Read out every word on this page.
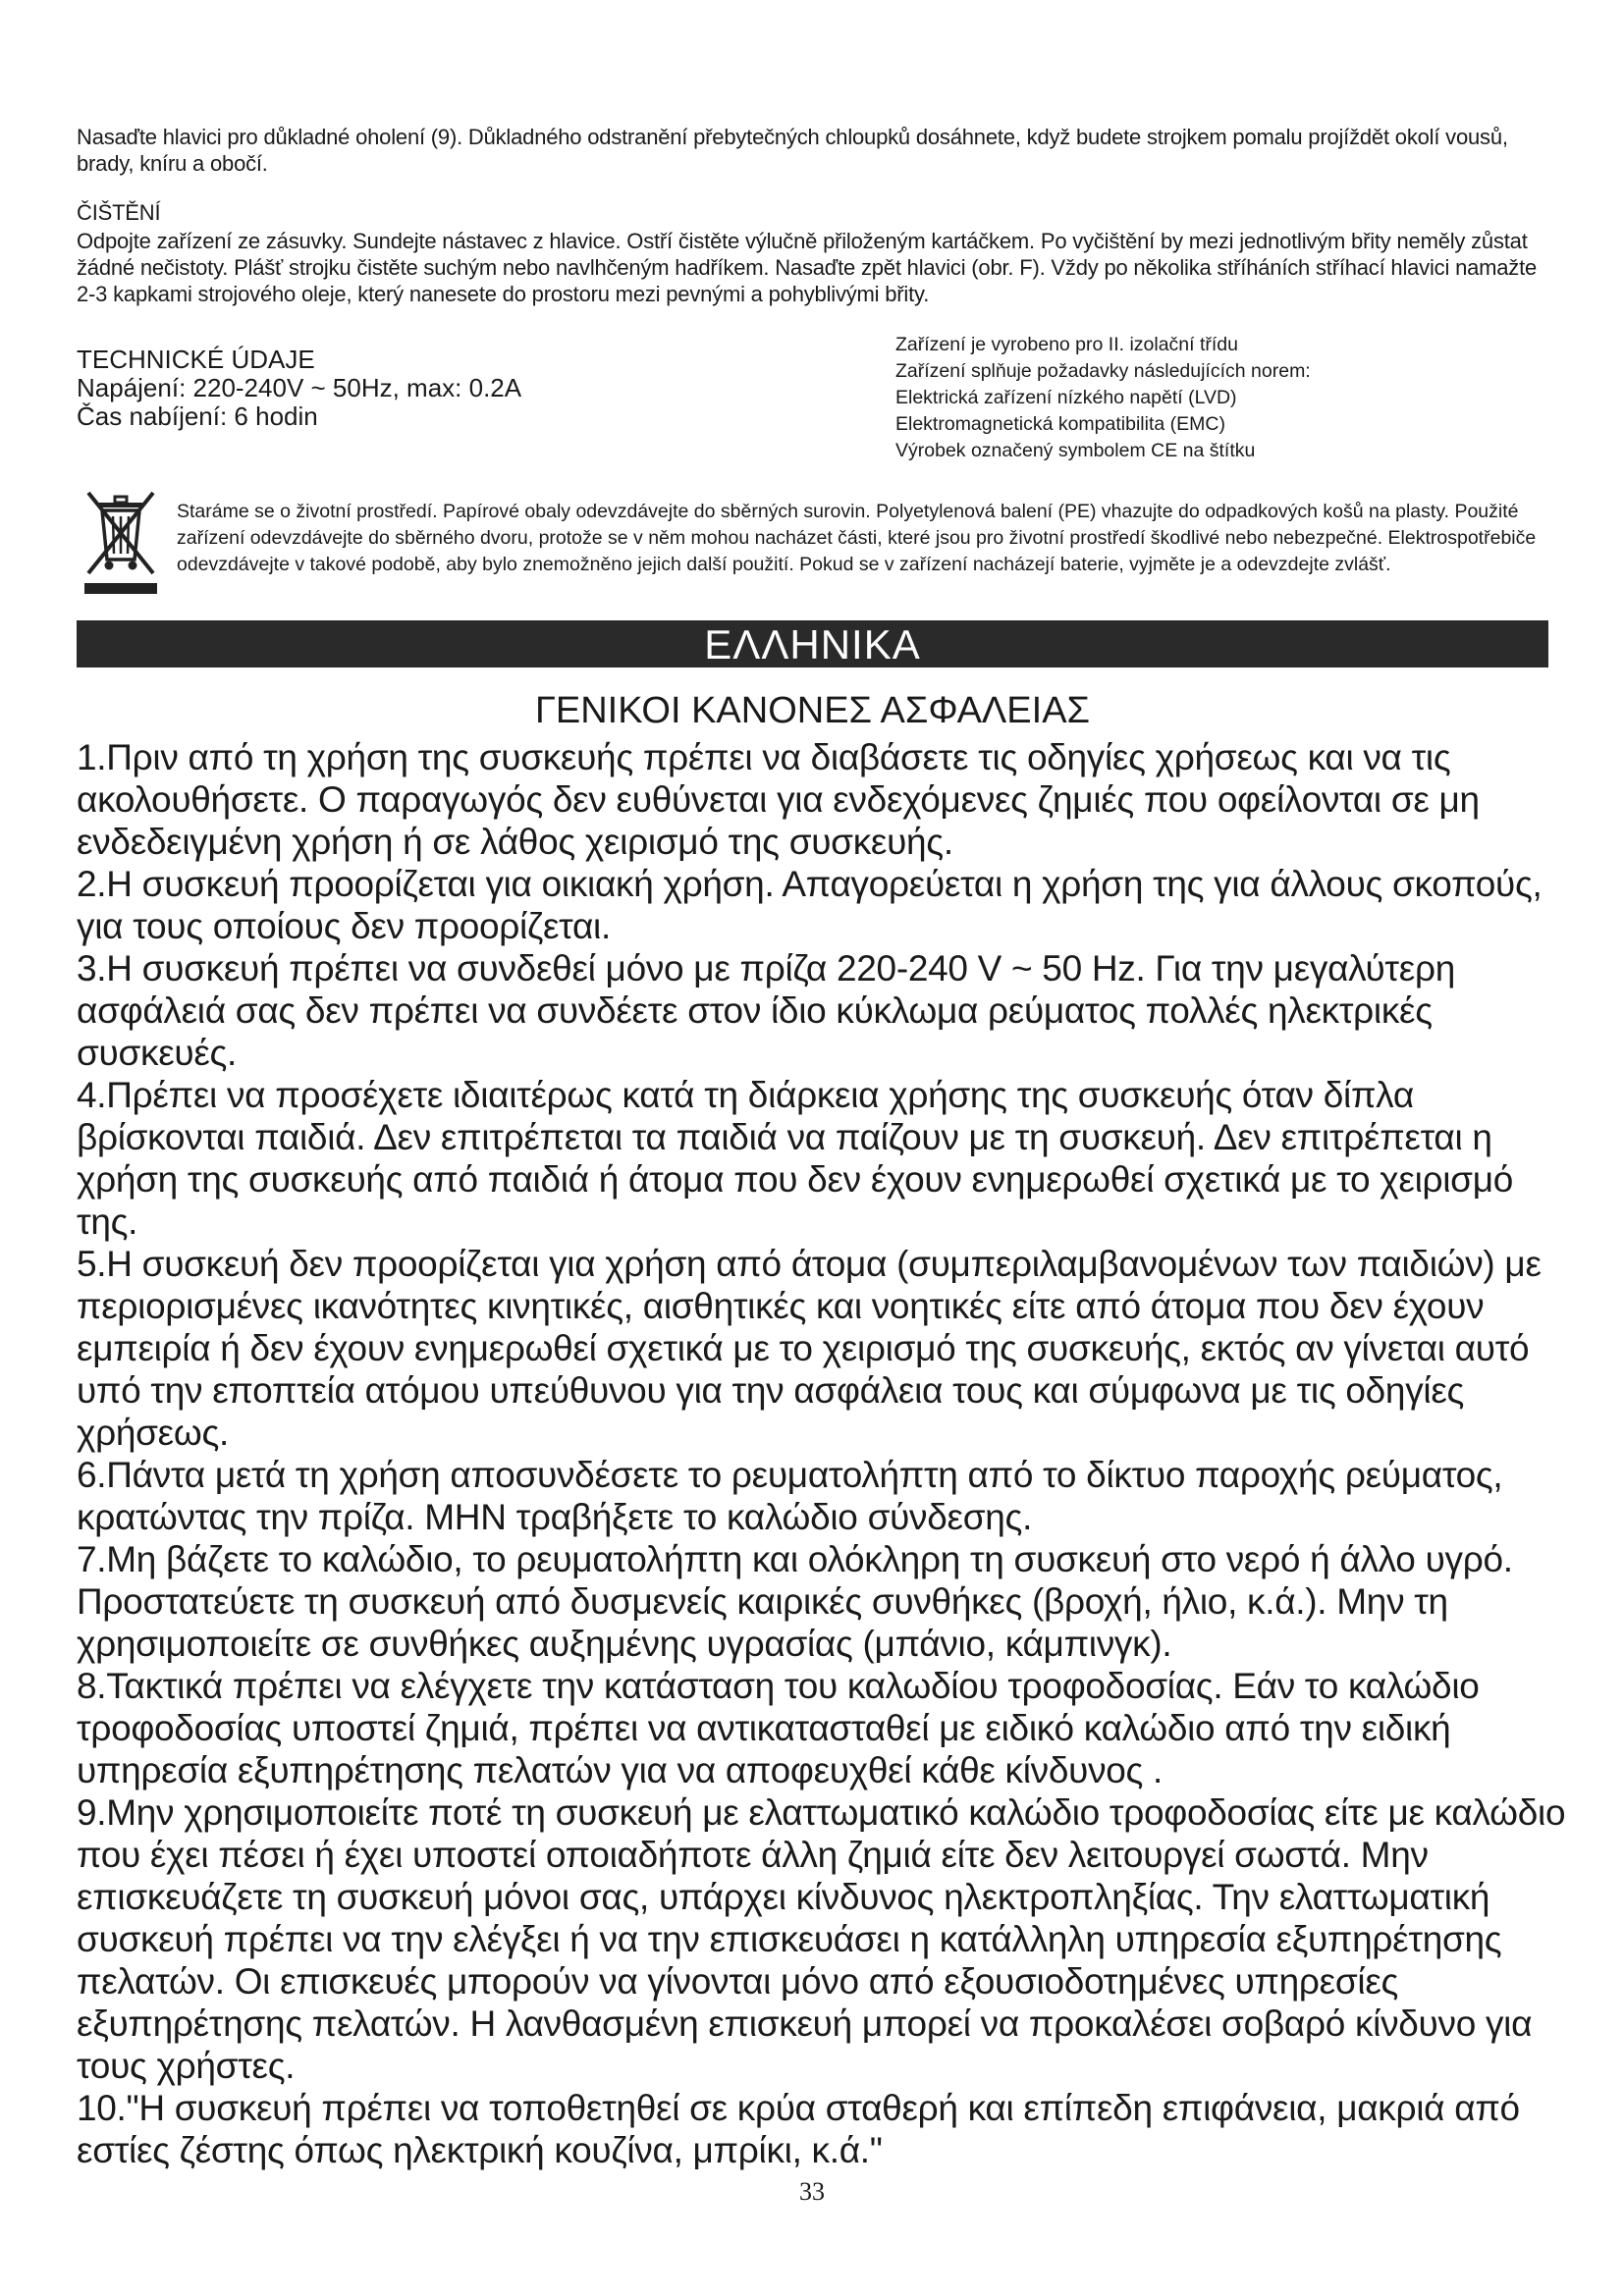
Nasaďte hlavici pro důkladné oholení (9). Důkladného odstranění přebytečných chloupků dosáhnete, když budete strojkem pomalu projíždět okolí vousů, brady, kníru a obočí.
ČIŠTĚNÍ
Odpojte zařízení ze zásuvky. Sundejte nástavec z hlavice. Ostří čistěte výlučně přiloženým kartáčkem. Po vyčištění by mezi jednotlivým břity neměly zůstat žádné nečistoty. Plášť strojku čistěte suchým nebo navlhčeným hadříkem. Nasaďte zpět hlavici (obr. F). Vždy po několika stříháních stříhací hlavici namažte 2-3 kapkami strojového oleje, který nanesete do prostoru mezi pevnými a pohyblivými břity.
TECHNICKÉ ÚDAJE
Napájení: 220-240V ~ 50Hz, max: 0.2A
Čas nabíjení: 6 hodin
Zařízení je vyrobeno pro II. izolační třídu
Zařízení splňuje požadavky následujících norem:
Elektrická zařízení nízkého napětí (LVD)
Elektromagnetická kompatibilita (EMC)
Výrobek označený symbolem CE na štítku
Staráme se o životní prostředí. Papírové obaly odevzdávejte do sběrných surovin. Polyetylenová balení (PE) vhazujte do odpadkových košů na plasty. Použité zařízení odevzdávejte do sběrného dvoru, protože se v něm mohou nacházet části, které jsou pro životní prostředí škodlivé nebo nebezpečné. Elektrospotřebiče odevzdávejte v takové podobě, aby bylo znemožněno jejich další použití. Pokud se v zařízení nacházejí baterie, vyjměte je a odevzdejte zvlášť.
ΕΛΛΗΝΙΚΑ
ΓΕΝΙΚΟΙ ΚΑΝΟΝΕΣ ΑΣΦΑΛΕΙΑΣ

1.Πριν από τη χρήση της συσκευής πρέπει να διαβάσετε τις οδηγίες χρήσεως και να τις ακολουθήσετε. Ο παραγωγός δεν ευθύνεται για ενδεχόμενες ζημιές που οφείλονται σε μη ενδεδειγμένη χρήση ή σε λάθος χειρισμό της συσκευής.

2.Η συσκευή προορίζεται για οικιακή χρήση. Απαγορεύεται η χρήση της για άλλους σκοπούς, για τους οποίους δεν προορίζεται.

3.Η συσκευή πρέπει να συνδεθεί μόνο με πρίζα 220-240 V ~ 50 Hz. Για την μεγαλύτερη ασφάλειά σας δεν πρέπει να συνδέετε στον ίδιο κύκλωμα ρεύματος πολλές ηλεκτρικές συσκευές.

4.Πρέπει να προσέχετε ιδιαιτέρως κατά τη διάρκεια χρήσης της συσκευής όταν δίπλα βρίσκονται παιδιά. Δεν επιτρέπεται τα παιδιά να παίζουν με τη συσκευή. Δεν επιτρέπεται η χρήση της συσκευής από παιδιά ή άτομα που δεν έχουν ενημερωθεί σχετικά με το χειρισμό της.

5.Η συσκευή δεν προορίζεται για χρήση από άτομα (συμπεριλαμβανομένων των παιδιών) με περιορισμένες ικανότητες κινητικές, αισθητικές και νοητικές είτε από άτομα που δεν έχουν εμπειρία ή δεν έχουν ενημερωθεί σχετικά με το χειρισμό της συσκευής, εκτός αν γίνεται αυτό υπό την εποπτεία ατόμου υπεύθυνου για την ασφάλεια τους και σύμφωνα με τις οδηγίες χρήσεως.

6.Πάντα μετά τη χρήση αποσυνδέσετε το ρευματολήπτη από το δίκτυο παροχής ρεύματος, κρατώντας την πρίζα. ΜΗΝ τραβήξετε το καλώδιο σύνδεσης.

7.Μη βάζετε το καλώδιο, το ρευματολήπτη και ολόκληρη τη συσκευή στο νερό ή άλλο υγρό. Προστατεύετε τη συσκευή από δυσμενείς καιρικές συνθήκες (βροχή, ήλιο, κ.ά.). Μην τη χρησιμοποιείτε σε συνθήκες αυξημένης υγρασίας (μπάνιο, κάμπινγκ).

8.Τακτικά πρέπει να ελέγχετε την κατάσταση του καλωδίου τροφοδοσίας. Εάν το καλώδιο τροφοδοσίας υποστεί ζημιά, πρέπει να αντικατασταθεί με ειδικό καλώδιο από την ειδική υπηρεσία εξυπηρέτησης πελατών για να αποφευχθεί κάθε κίνδυνος .

9.Μην χρησιμοποιείτε ποτέ τη συσκευή με ελαττωματικό καλώδιο τροφοδοσίας είτε με καλώδιο που έχει πέσει ή έχει υποστεί οποιαδήποτε άλλη ζημιά είτε δεν λειτουργεί σωστά. Μην επισκευάζετε τη συσκευή μόνοι σας, υπάρχει κίνδυνος ηλεκτροπληξίας. Την ελαττωματική συσκευή πρέπει να την ελέγξει ή να την επισκευάσει η κατάλληλη υπηρεσία εξυπηρέτησης πελατών. Οι επισκευές μπορούν να γίνονται μόνο από εξουσιοδοτημένες υπηρεσίες εξυπηρέτησης πελατών. Η λανθασμένη επισκευή μπορεί να προκαλέσει σοβαρό κίνδυνο για τους χρήστες.

10."Η συσκευή πρέπει να τοποθετηθεί σε κρύα σταθερή και επίπεδη επιφάνεια, μακριά από εστίες ζέστης όπως ηλεκτρική κουζίνα, μπρίκι, κ.ά."

33
